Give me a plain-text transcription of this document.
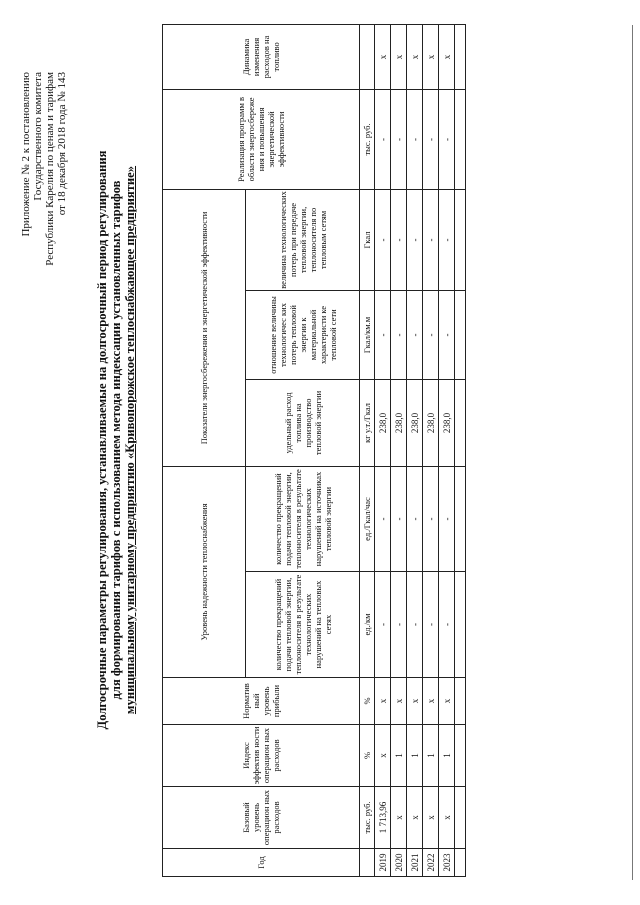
Приложение № 2 к постановлению Государственного комитета Республики Карелия по ценам и тарифам от 18 декабря 2018 года № 143
Долгосрочные параметры регулирования, устанавливаемые на долгосрочный период регулирования для формирования тарифов с использованием метода индексации установленных тарифов муниципальному унитарному предприятию «Кривопорожское теплоснабжающее предприятие»
Год	Базовый уровень операцион ных расходов	Индекс эффектив ности операцион ных расходов	Норматив ный уровень прибыли	Уровень надежности теплоснабжения		Показатели энергосбережения и энергетической эффективности			Реализация программ в области энергосбереже ния и повышения энергетической эффективности	Динамика изменения расходов на топливо
				количество прекращений подачи тепловой энергии, теплоносителя в результате технологических нарушений на тепловых сетях	количество прекращений подачи тепловой энергии, теплоносителя в результате технологических нарушений на источниках тепловой энергии	удельный расход топлива на производство тепловой энергии	отношение величины технологичес ких потерь тепловой энергии к материальной характеристи ке тепловой сети	величина технологических потерь при передаче тепловой энергии, теплоносителя по тепловым сетям		
	тыс. руб.	%	%	ед./км	ед./Гкал/час	кг у.т./Гкал	Гкал/км.м	Гкал	тыс. руб.	
2019	1 713,96	х	х	-	-	238,0	-	-	-	х
2020	х	1	х	-	-	238,0	-	-	-	х
2021	х	1	х	-	-	238,0	-	-	-	х
2022	х	1	х	-	-	238,0	-	-	-	х
2023	х	1	х	-	-	238,0	-	-	-	х
